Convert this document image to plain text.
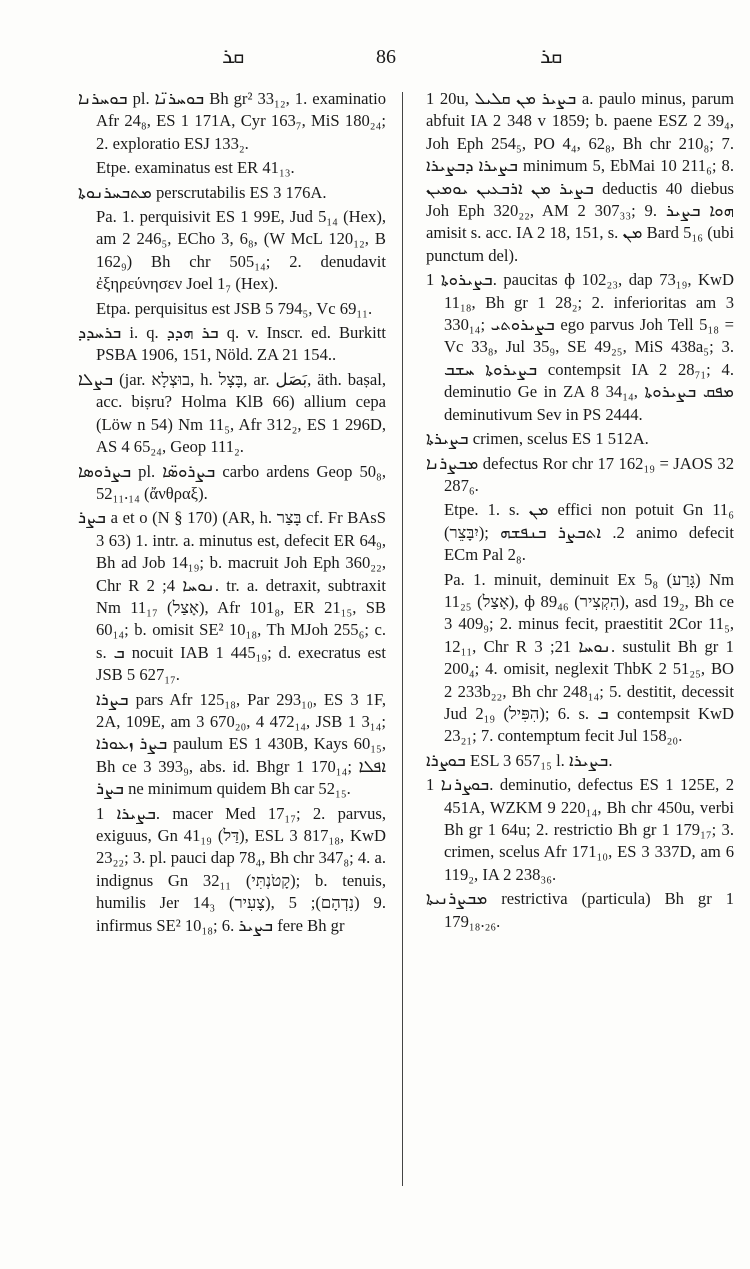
ܩܪ	86	ܩܪ

ܒܘܚܪܢܐ pl. ܒܘܚܪܢ̈ܐ Bh gr² 33₁₂, 1. examinatio Afr 24₈, ES 1 171A, Cyr 163₇, MiS 180₂₄; 2. exploratio ESJ 133₂.

Etpe. examinatus est ER 41₁₃.

ܡܬܒܚܪܢܘܬܐ perscrutabilis ES 3 176A.

Pa. 1. perquisivit ES 1 99E, Jud 5₁₄ (Hex), am 2 246₅, ECho 3, 6₈, (W McL 120₁₂, B 162₉) Bh chr 505₁₄; 2. denudavit ἐξηρεύνησεν Joel 1₇ (Hex).

Etpa. perquisitus est JSB 5 794₅, Vc 69₁₁.

ܒܪܚܕܕ i. q. ܒܪ ܗܕܕ q. v. Inscr. ed. Burkitt PSBA 1906, 151, Nöld. ZA 21 154..

ܒܨܠܐ (jar. בוּצְלָא, h. בָּצָל, ar. بَصَل, äth. baṣal, acc. biṣru? Holma KlB 66) allium cepa (Löw n 54) Nm 11₅, Afr 312₂, ES 1 296D, AS 4 65₂₄, Geop 111₂.

ܒܨܪܘܣܐ pl. ܒܨܪܘܣ̈ܐ carbo ardens Geop 50₈, 52₁₁.₁₄ (ἄνθραξ).

ܒܨܪ a et o (N § 170) (AR, h. בָּצַר cf. Fr BAsS 3 63) 1. intr. a. minutus est, defecit ER 64₉, Bh ad Job 14₁₉; b. macruit Joh Eph 360₂₂, Chr R ܢܘܚܐ 4; 2. tr. a. detraxit, subtraxit Nm 11₁₇ (אָצַל), Afr 101₈, ER 21₁₅, SB 60₁₄; b. omisit SE² 10₁₈, Th MJoh 255₆; c. s. ܒ nocuit IAB 1 445₁₉; d. execratus est JSB 5 627₁₇.

ܒܨܪܐ pars Afr 125₁₈, Par 293₁₀, ES 3 1F, 2A, 109E, am 3 670₂₀, 4 472₁₄, JSB 1 3₁₄; ܒܨܪ ܙܥܘܪܐ paulum ES 1 430B, Kays 60₁₅, Bh ce 3 393₉, abs. id. Bhgr 1 170₁₄; ܐܦܠܐ ܒܨܪ ne minimum quidem Bh car 52₁₅.

ܒܨܝܪܐ 1. macer Med 17₁₇; 2. parvus, exiguus, Gn 41₁₉ (דַּל), ESL 3 817₁₈, KwD 23₂₂; 3. pl. pauci dap 78₄, Bh chr 347₈; 4. a. indignus Gn 32₁₁ (קָטֹנְתִּי); b. tenuis, humilis Jer 14₃ (צָעִיר), 9 (נִדְהָם); 5. infirmus SE² 10₁₈; 6. ܒܨܝܪ fere Bh gr

1 20u, ܒܨܝܪ ܡܢ ܩܠܝܠ a. paulo minus, parum abfuit IA 2 348 v 1859; b. paene ESZ 2 39₄, Joh Eph 254₅, PO 4₄, 62₈, Bh chr 210₈; 7. ܒܨܝܪܐ ܕܒܨܝܪܐ minimum 5, EbMai 10 211₆; 8. ܒܨܝܪ ܡܢ ܐܪܒܥܝܢ ܝܘܡܝܢ deductis 40 diebus Joh Eph 320₂₂, AM 2 307₃₃; 9. ܗܘܐ ܒܨܝܪ amisit s. acc. IA 2 18, 151, s. ܡܢ Bard 5₁₆ (ubi punctum del).

ܒܨܝܪܘܬܐ 1. paucitas ф 102₂₃, dap 73₁₉, KwD 11₁₈, Bh gr 1 28₂; 2. inferioritas am 3 330₁₄; ܒܨܝܪܘܬܝ ego parvus Joh Tell 5₁₈ = Vc 33₈, Jul 35₉, SE 49₂₅, MiS 438a₅; 3. ܒܨܝܪܘܬܐ ܚܫܒ contempsit IA 2 28₇₁; 4. deminutio Ge in ZA 8 34₁₄, ܡܦܩ ܒܨܝܪܘܬܐ deminutivum Sev in PS 2444.

ܒܨܝܪܬܐ crimen, scelus ES 1 512A.

ܡܒܨܪܢܐ defectus Ror chr 17 162₁₉ = JAOS 32 287₆.

Etpe. 1. s. ܡܢ effici non potuit Gn 11₆ (יִבָּצֵר); 2. ܐܬܒܨܪ ܒܢܦܫܗ animo defecit ECm Pal 2₈.

Pa. 1. minuit, deminuit Ex 5₈ (גָּרַע) Nm 11₂₅ (אָצַל), ф 89₄₆ (הִקְצִיר), asd 19₂, Bh ce 3 409₉; 2. minus fecit, praestitit 2Cor 11₅, 12₁₁, Chr R ܢܘܚܐ 21; 3. sustulit Bh gr 1 200₄; 4. omisit, neglexit ThbK 2 51₂₅, BO 2 233b₂₂, Bh chr 248₁₄; 5. destitit, decessit Jud 2₁₉ (הִפִּיל); 6. s. ܒ contempsit KwD 23₂₁; 7. contemptum fecit Jul 158₂₀.

ܒܘܨܪܐ ESL 3 657₁₅ l. ܒܨܝܪܐ.

ܒܘܨܪܢܐ 1. deminutio, defectus ES 1 125E, 2 451A, WZKM 9 220₁₄, Bh chr 450u, verbi Bh gr 1 64u; 2. restrictio Bh gr 1 179₁₇; 3. crimen, scelus Afr 171₁₀, ES 3 337D, am 6 119₂, IA 2 238₃₆.

ܡܒܨܪܢܝܬܐ restrictiva (particula) Bh gr 1 179₁₈.₂₆.
